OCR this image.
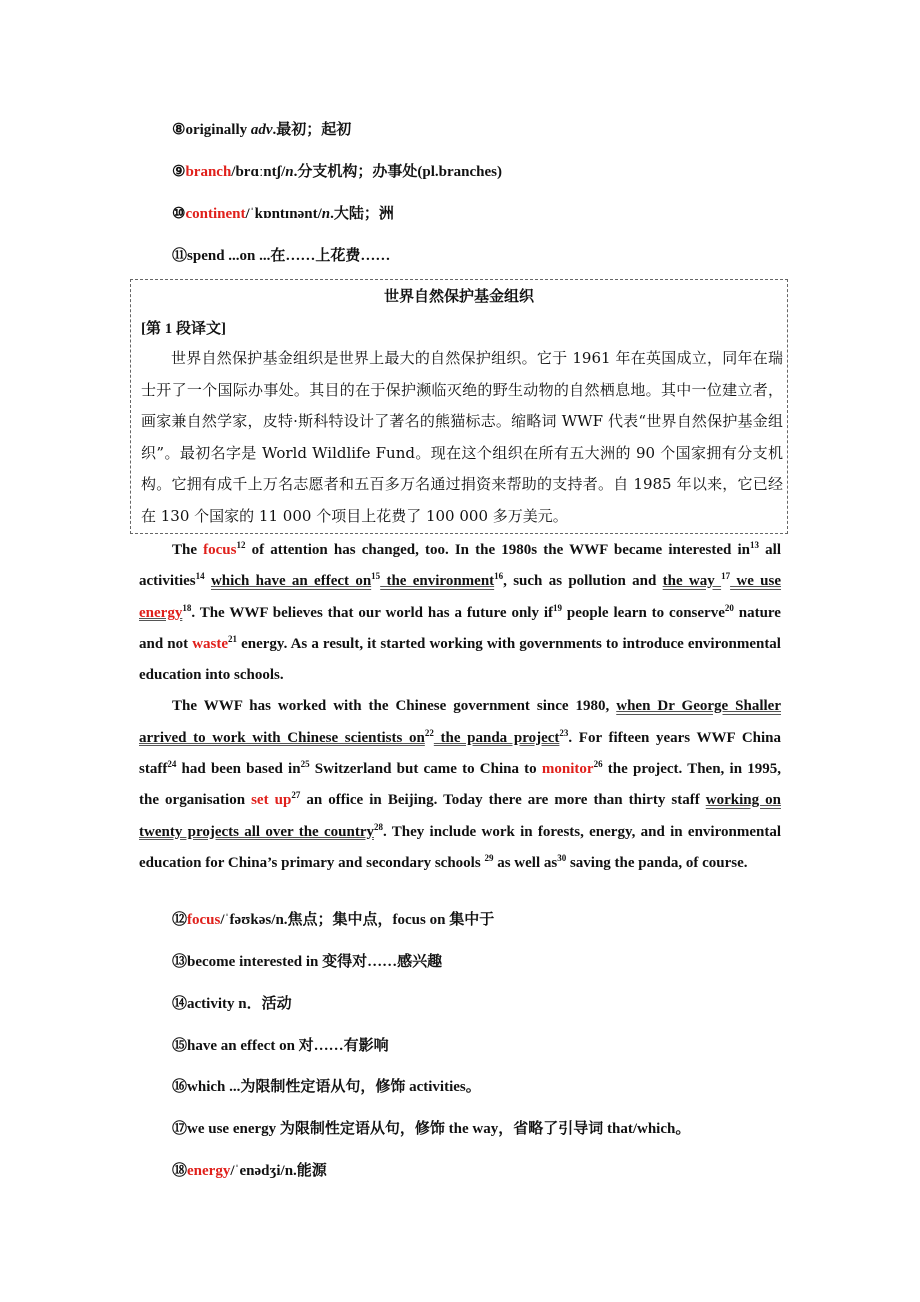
⑧originally adv.最初；起初
⑨branch/brɑːntʃ/n.分支机构；办事处(pl.branches)
⑩continent/ˈkɒntɪnənt/n.大陆；洲
⑪spend ...on ...在……上花费……
世界自然保护基金组织
[第 1 段译文]
世界自然保护基金组织是世界上最大的自然保护组织。它于 1961 年在英国成立，同年在瑞士开了一个国际办事处。其目的在于保护濒临灭绝的野生动物的自然栖息地。其中一位建立者，画家兼自然学家，皮特·斯科特设计了著名的熊猫标志。缩略词 WWF 代表“世界自然保护基金组织”。最初名字是 World Wildlife Fund。现在这个组织在所有五大洲的 90 个国家拥有分支机构。它拥有成千上万名志愿者和五百多万名通过捐资来帮助的支持者。自 1985 年以来，它已经在 130 个国家的 11 000 个项目上花费了 100 000 多万美元。

The focus$^{12}$ of attention has changed, too. In the 1980s the WWF became interested $in^{13}$ all activities$^{14}$ which have an effect $on^{15}$ the environment$^{16}$, such as pollution and the way $^{17}$ we use energy$^{18}$. The WWF believes that our world has a future only $if^{19}$ people learn to conserve$^{20}$ nature and not waste$^{21}$ energy. As a result, it started working with governments to introduce environmental education into schools.

The WWF has worked with the Chinese government since 1980, when Dr George Shaller arrived to work with Chinese scientists $on^{22}$ the panda project$^{23}$. For fifteen years WWF China staff$^{24}$ had been based $in^{25}$ Switzerland but came to China to monitor$^{26}$ the project. Then, in 1995, the organisation set $up^{27}$ an office in Beijing. Today there are more than thirty staff working on twenty projects all over the country$^{28}$. They include work in forests, energy, and in environmental education for China’s primary and secondary schools $^{29}$ as well $as^{30}$ saving the panda, of course.

⑫focus/ˈfəʊkəs/n.焦点；集中点，focus on 集中于
⑬become interested in 变得对……感兴趣
⑭activity n．活动
⑮have an effect on 对……有影响
⑯which ...为限制性定语从句，修饰 activities。
⑰we use energy 为限制性定语从句，修饰 the way，省略了引导词 that/which。
⑱energy/ˈenədʒi/n.能源
